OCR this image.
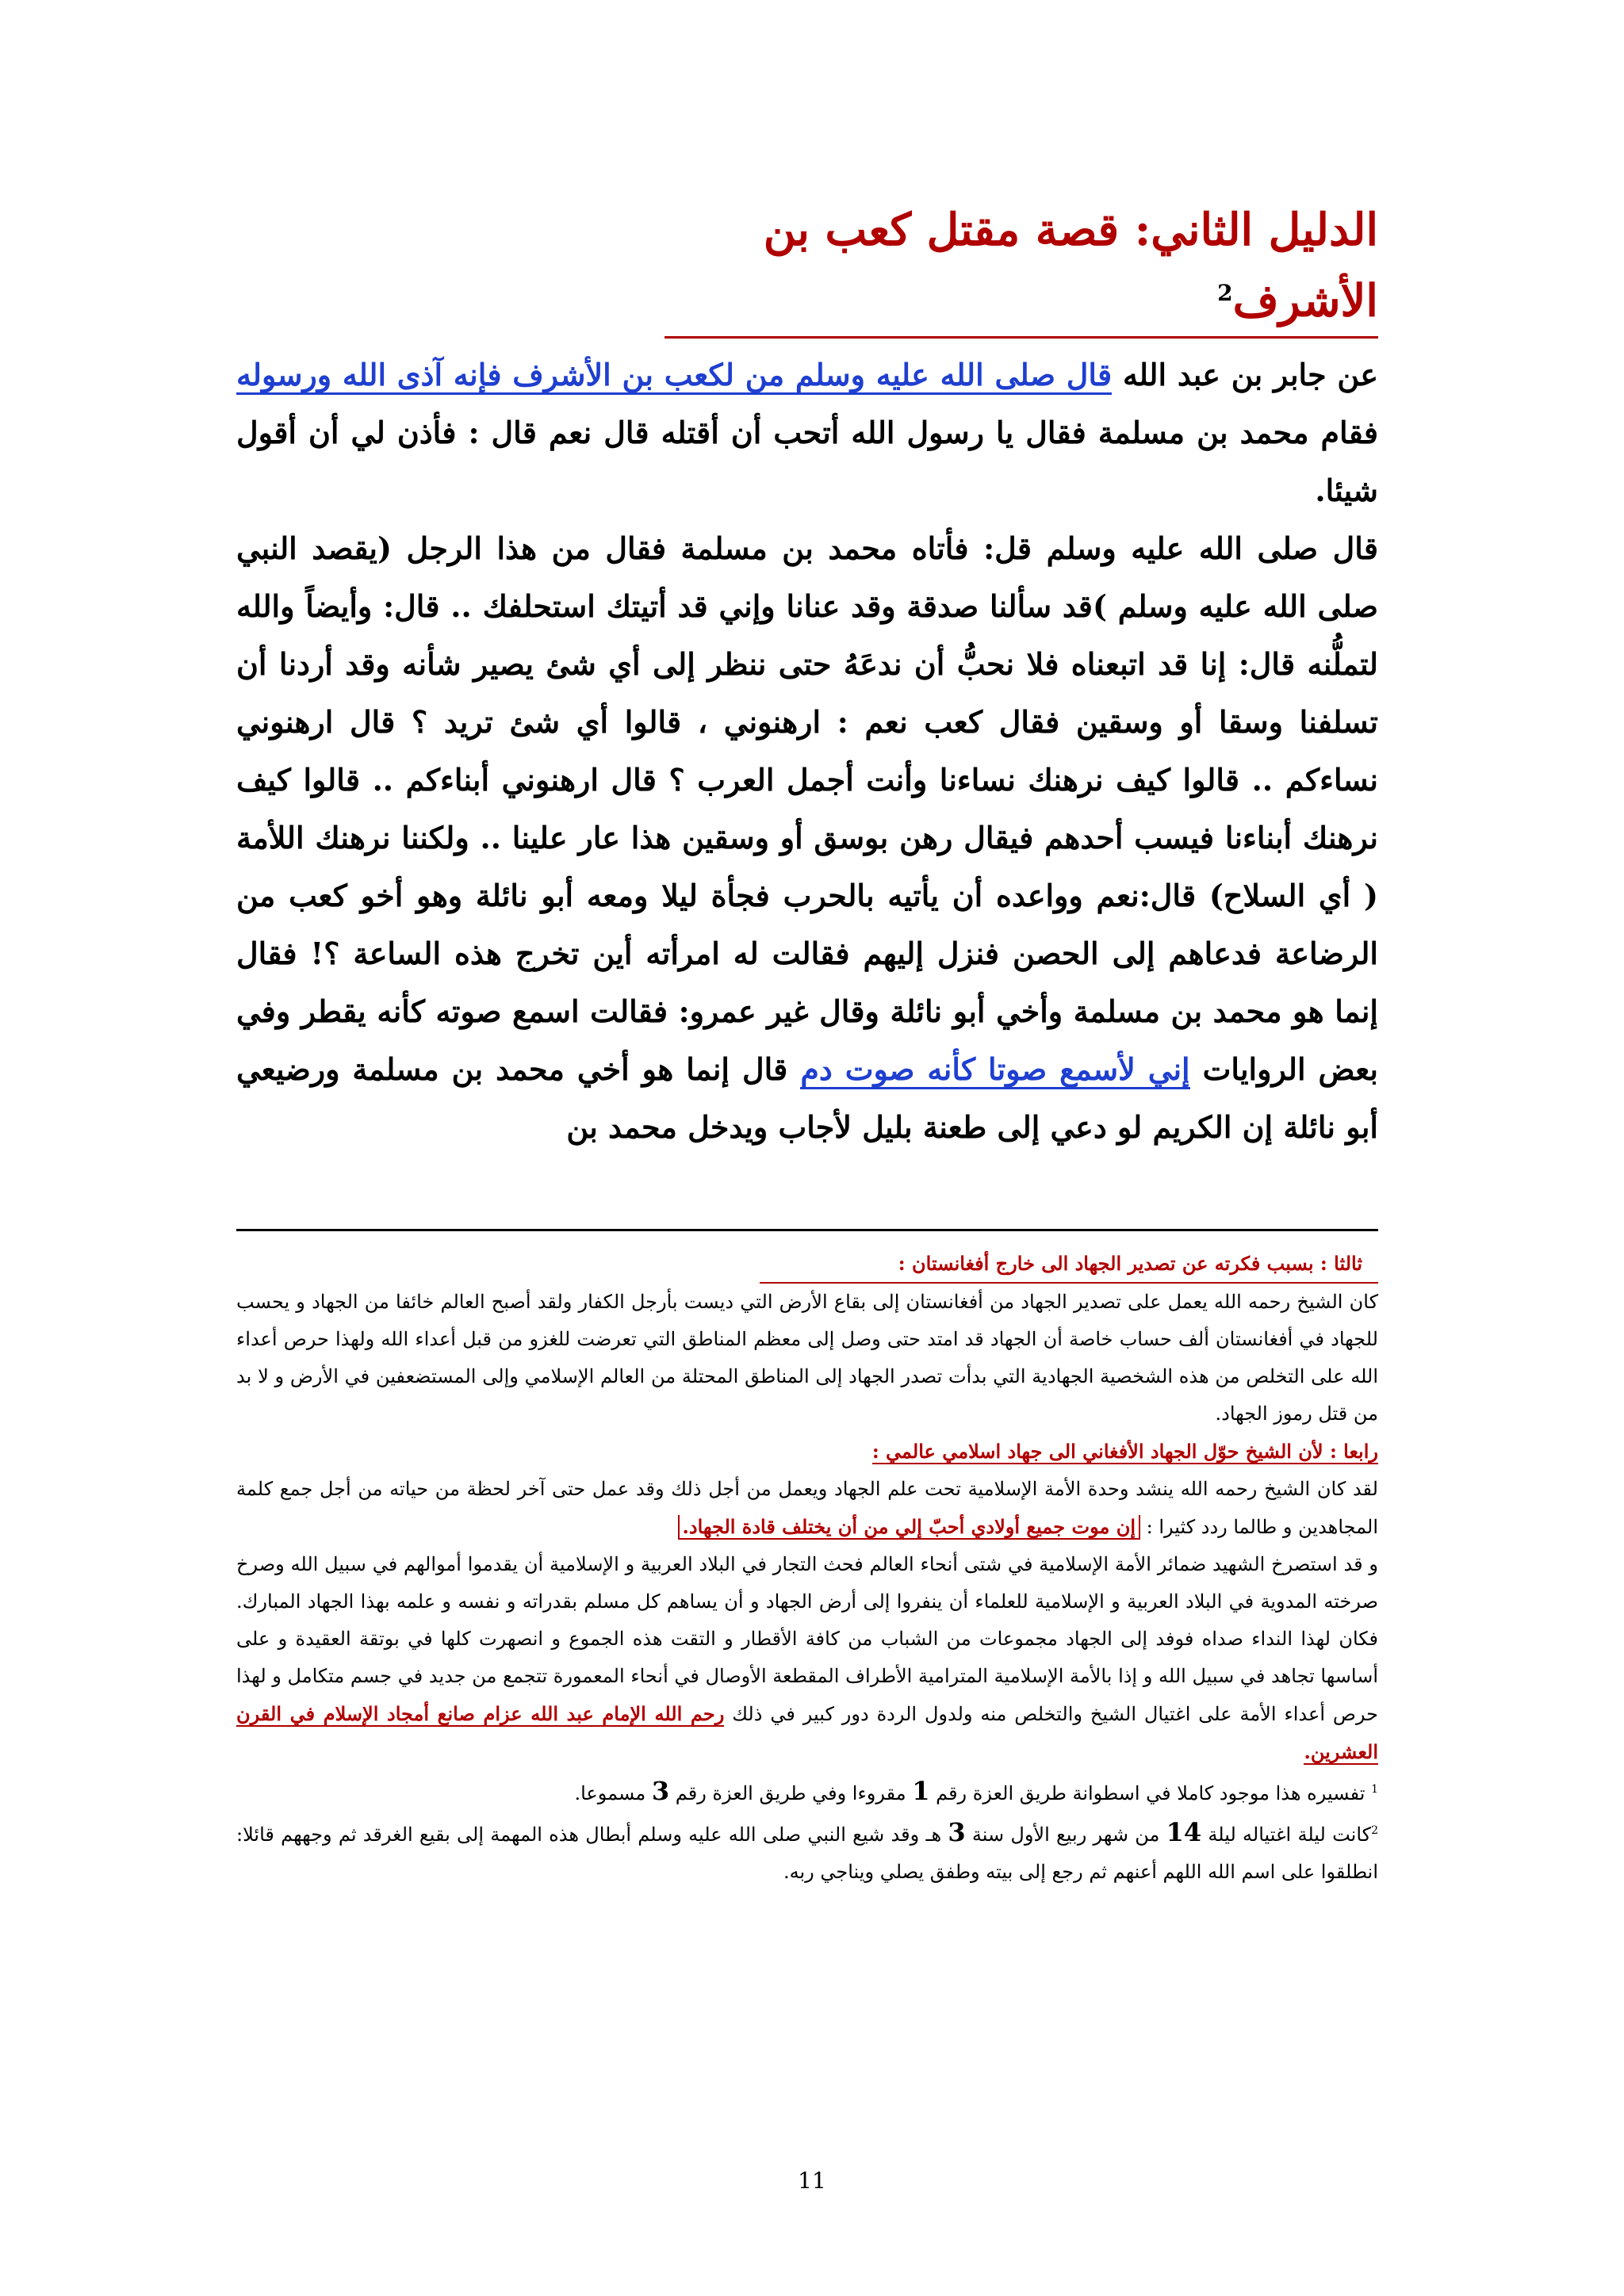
الدليل الثاني: قصة مقتل كعب بن الأشرف$^2$

عن جابر بن عبد الله قال صلى الله عليه وسلم من لكعب بن الأشرف فإنه آذى الله ورسوله فقام محمد بن مسلمة فقال يا رسول الله أتحب أن أقتله قال نعم قال : فأذن لي أن أقول شيئا.

قال صلى الله عليه وسلم قل: فأتاه محمد بن مسلمة فقال من هذا الرجل (يقصد النبي صلى الله عليه وسلم )قد سألنا صدقة وقد عنانا وإني قد أتيتك استحلفك .. قال: وأيضاً والله لتملُّنه قال: إنا قد اتبعناه فلا نحبُّ أن ندعَهُ حتى ننظر إلى أي شئ يصير شأنه وقد أردنا أن تسلفنا وسقا أو وسقين فقال كعب نعم : ارهنوني ، قالوا أي شئ تريد ؟ قال ارهنوني نساءكم .. قالوا كيف نرهنك نساءنا وأنت أجمل العرب ؟ قال ارهنوني أبناءكم .. قالوا كيف نرهنك أبناءنا فيسب أحدهم فيقال رهن بوسق أو وسقين هذا عار علينا .. ولكننا نرهنك اللأمة ( أي السلاح) قال:نعم وواعده أن يأتيه بالحرب فجأة ليلا ومعه أبو نائلة وهو أخو كعب من الرضاعة فدعاهم إلى الحصن فنزل إليهم فقالت له امرأته أين تخرج هذه الساعة ؟! فقال إنما هو محمد بن مسلمة وأخي أبو نائلة وقال غير عمرو: فقالت اسمع صوته كأنه يقطر وفي بعض الروايات إني لأسمع صوتا كأنه صوت دم قال إنما هو أخي محمد بن مسلمة ورضيعي أبو نائلة إن الكريم لو دعي إلى طعنة بليل لأجاب ويدخل محمد بن

ثالثا : بسبب فكرته عن تصدير الجهاد الى خارج أفغانستان :

كان الشيخ رحمه الله يعمل على تصدير الجهاد من أفغانستان إلى بقاع الأرض التي ديست بأرجل الكفار ولقد أصبح العالم خائفا من الجهاد و يحسب للجهاد في أفغانستان ألف حساب خاصة أن الجهاد قد امتد حتى وصل إلى معظم المناطق التي تعرضت للغزو من قبل أعداء الله ولهذا حرص أعداء الله على التخلص من هذه الشخصية الجهادية التي بدأت تصدر الجهاد إلى المناطق المحتلة من العالم الإسلامي وإلى المستضعفين في الأرض و لا بد من قتل رموز الجهاد.

رابعا : لأن الشيخ حوّل الجهاد الأفغاني الى جهاد اسلامي عالمي :

لقد كان الشيخ رحمه الله ينشد وحدة الأمة الإسلامية تحت علم الجهاد ويعمل من أجل ذلك وقد عمل حتى آخر لحظة من حياته من أجل جمع كلمة المجاهدين و طالما ردد كثيرا : إن موت جميع أولادي أحبّ إلي من أن يختلف قادة الجهاد.

و قد استصرخ الشهيد ضمائر الأمة الإسلامية في شتى أنحاء العالم فحث التجار في البلاد العربية و الإسلامية أن يقدموا أموالهم في سبيل الله وصرخ صرخته المدوية في البلاد العربية و الإسلامية للعلماء أن ينفروا إلى أرض الجهاد و أن يساهم كل مسلم بقدراته و نفسه و علمه بهذا الجهاد المبارك. فكان لهذا النداء صداه فوفد إلى الجهاد مجموعات من الشباب من كافة الأقطار و التقت هذه الجموع و انصهرت كلها في بوتقة العقيدة و على أساسها تجاهد في سبيل الله و إذا بالأمة الإسلامية المترامية الأطراف المقطعة الأوصال في أنحاء المعمورة تتجمع من جديد في جسم متكامل و لهذا حرص أعداء الأمة على اغتيال الشيخ والتخلص منه ولدول الردة دور كبير في ذلك رحم الله الإمام عبد الله عزام صانع أمجاد الإسلام في القرن العشرين.

$^1$ تفسيره هذا موجود كاملا في اسطوانة طريق العزة رقم 1 مقروءا وفي طريق العزة رقم 3 مسموعا.

$^2$كانت ليلة اغتياله ليلة 14 من شهر ربيع الأول سنة 3 هـ وقد شيع النبي صلى الله عليه وسلم أبطال هذه المهمة إلى بقيع الغرقد ثم وجههم قائلا: انطلقوا على اسم الله اللهم أعنهم ثم رجع إلى بيته وطفق يصلي ويناجي ربه.

11
